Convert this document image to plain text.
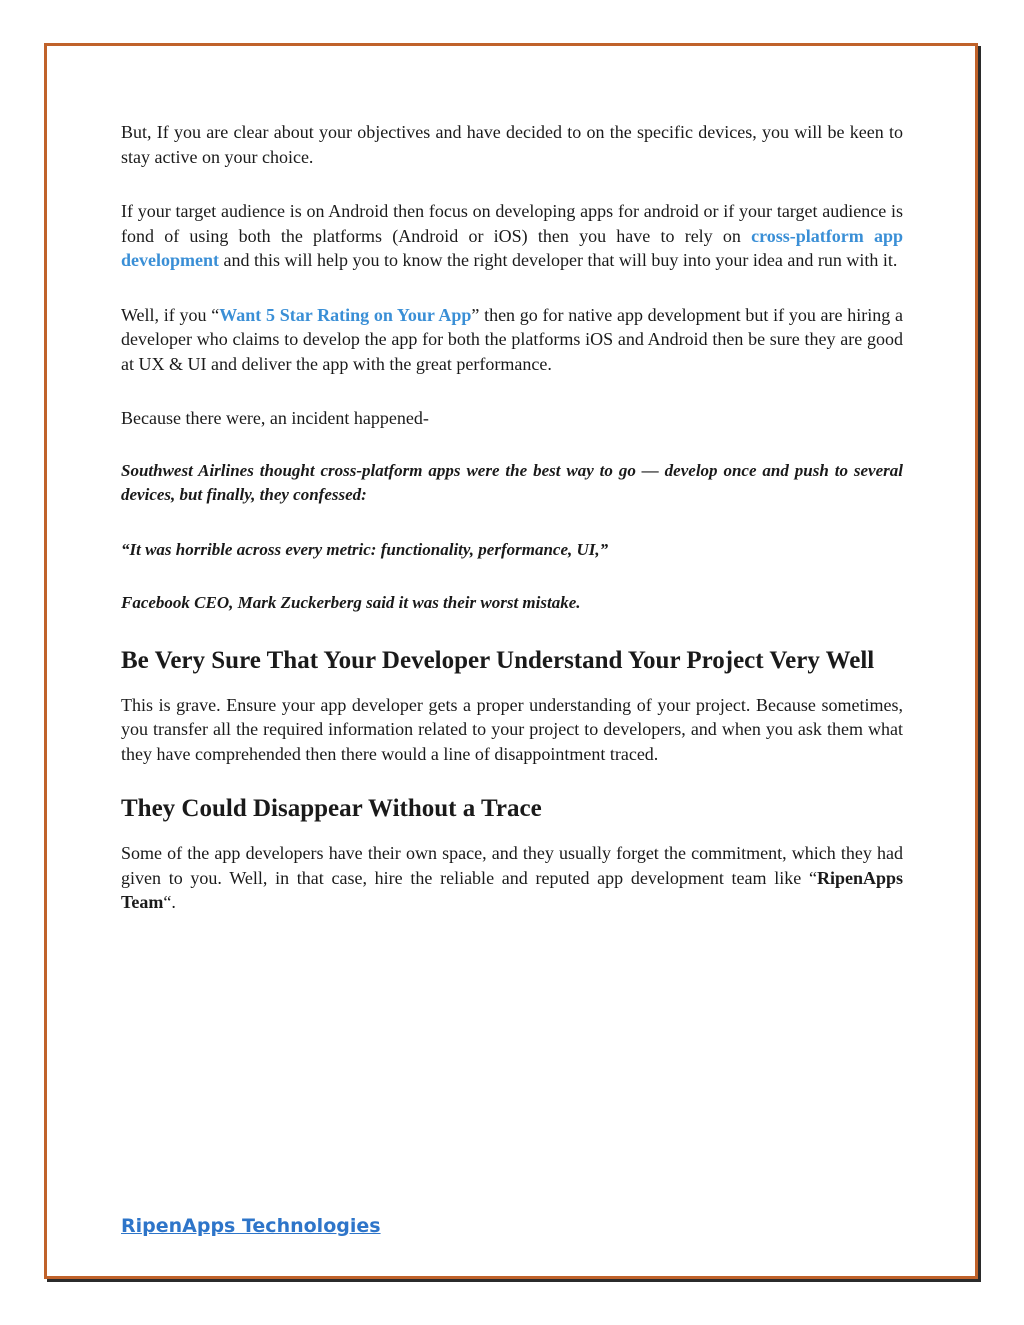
But, If you are clear about your objectives and have decided to on the specific devices, you will be keen to stay active on your choice.

If your target audience is on Android then focus on developing apps for android or if your target audience is fond of using both the platforms (Android or iOS) then you have to rely on cross-platform app development and this will help you to know the right developer that will buy into your idea and run with it.

Well, if you “Want 5 Star Rating on Your App” then go for native app development but if you are hiring a developer who claims to develop the app for both the platforms iOS and Android then be sure they are good at UX & UI and deliver the app with the great performance.

Because there were, an incident happened-

Southwest Airlines thought cross-platform apps were the best way to go — develop once and push to several devices, but finally, they confessed:

“It was horrible across every metric: functionality, performance, UI,”

Facebook CEO, Mark Zuckerberg said it was their worst mistake.

Be Very Sure That Your Developer Understand Your Project Very Well

This is grave. Ensure your app developer gets a proper understanding of your project. Because sometimes, you transfer all the required information related to your project to developers, and when you ask them what they have comprehended then there would a line of disappointment traced.

They Could Disappear Without a Trace

Some of the app developers have their own space, and they usually forget the commitment, which they had given to you. Well, in that case, hire the reliable and reputed app development team like “RipenApps Team“.

RipenApps Technologies
